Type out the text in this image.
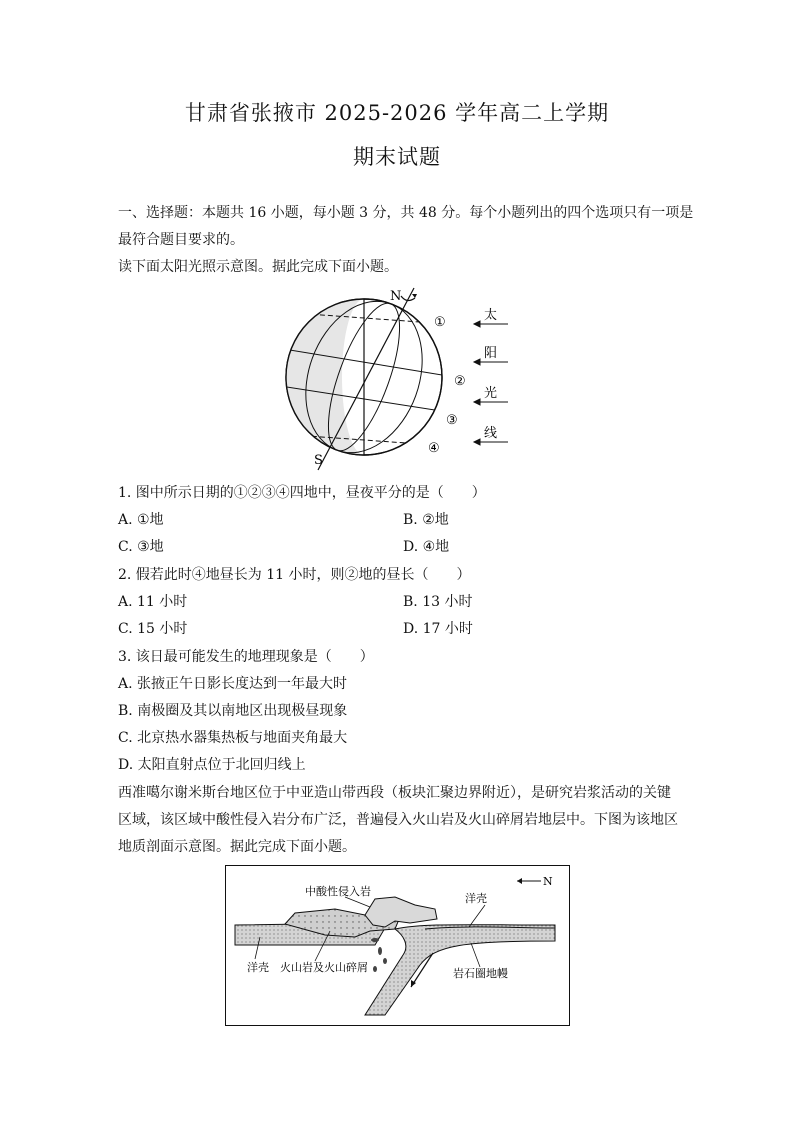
甘肃省张掖市 2025-2026 学年高二上学期
期末试题
一、选择题：本题共 16 小题，每小题 3 分，共 48 分。每个小题列出的四个选项只有一项是
最符合题目要求的。
读下面太阳光照示意图。据此完成下面小题。
N
S
①
②
③
④
太
阳
光
线
1. 图中所示日期的①②③④四地中，昼夜平分的是（　　）
A. ①地	B. ②地
C. ③地	D. ④地
2. 假若此时④地昼长为 11 小时，则②地的昼长（　　）
A. 11 小时	B. 13 小时
C. 15 小时	D. 17 小时
3. 该日最可能发生的地理现象是（　　）
A. 张掖正午日影长度达到一年最大时
B. 南极圈及其以南地区出现极昼现象
C. 北京热水器集热板与地面夹角最大
D. 太阳直射点位于北回归线上
西准噶尔谢米斯台地区位于中亚造山带西段（板块汇聚边界附近），是研究岩浆活动的关键
区域，该区域中酸性侵入岩分布广泛，普遍侵入火山岩及火山碎屑岩地层中。下图为该地区
地质剖面示意图。据此完成下面小题。
N
中酸性侵入岩
洋壳
洋壳 火山岩及火山碎屑	岩石圈地幔
